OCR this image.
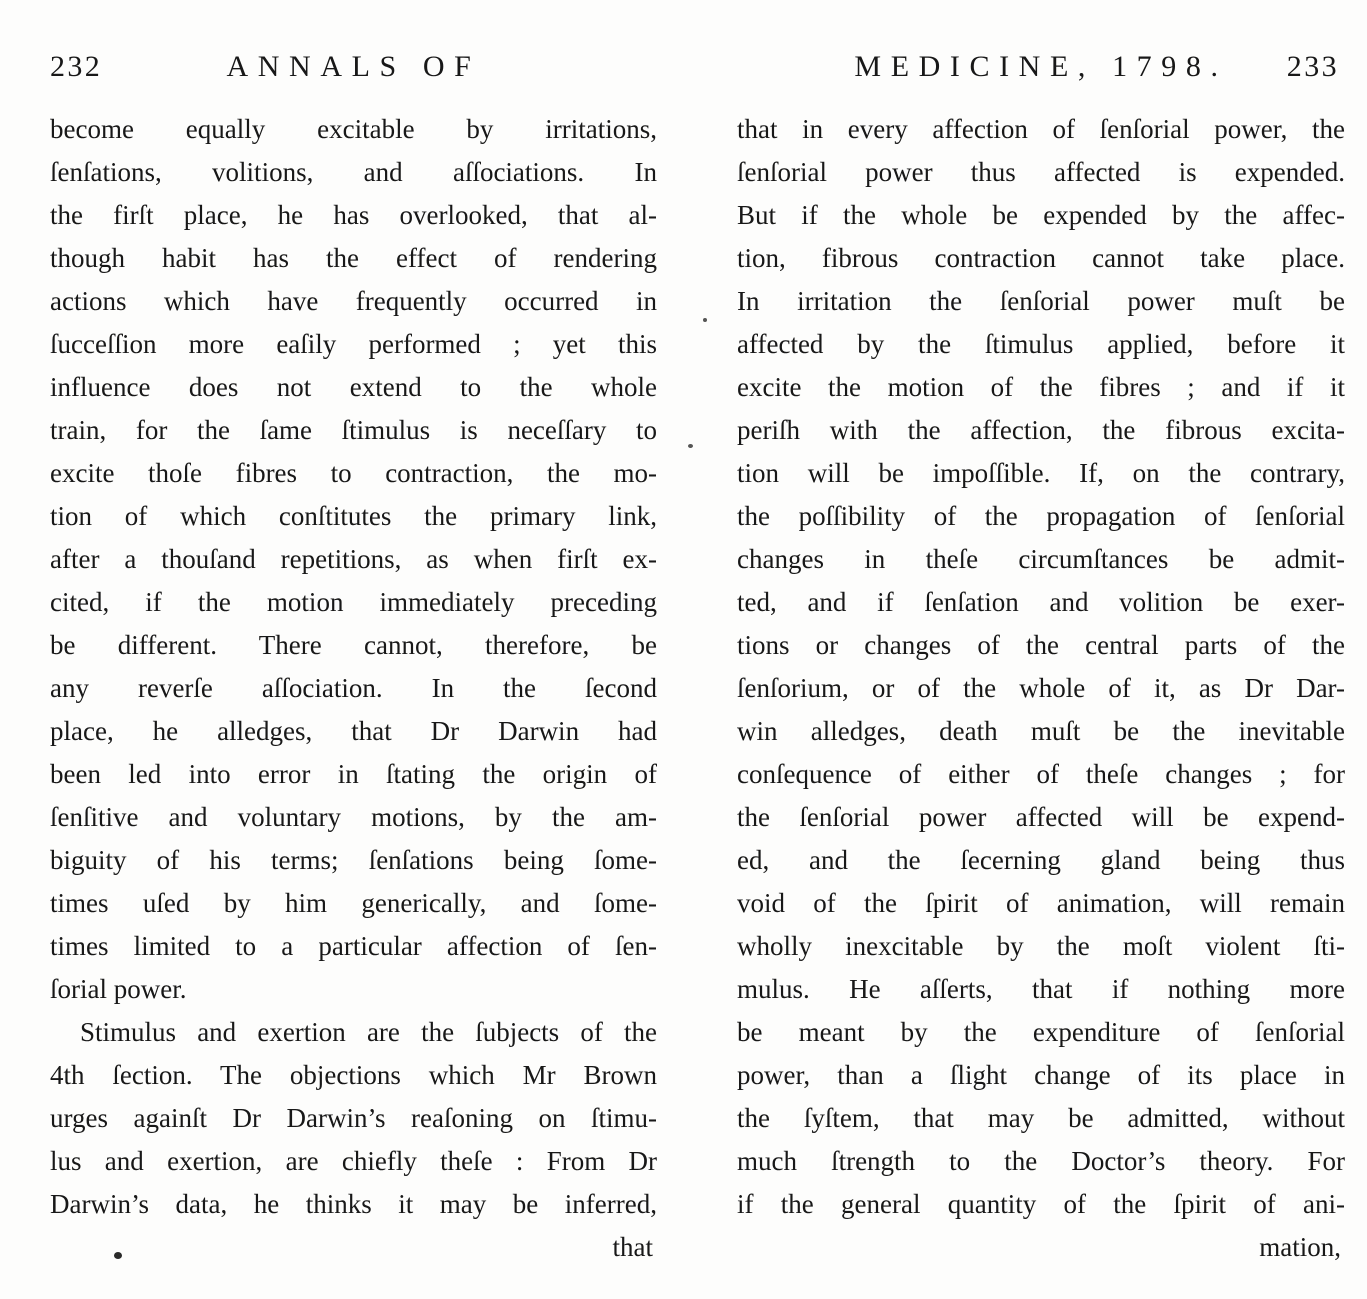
232	ANNALS OF
become equally excitable by irritations,
ſenſations, volitions, and aſſociations. In
the firſt place, he has overlooked, that al-
though habit has the effect of rendering
actions which have frequently occurred in
ſucceſſion more eaſily performed ; yet this
influence does not extend to the whole
train, for the ſame ſtimulus is neceſſary to
excite thoſe fibres to contraction, the mo-
tion of which conſtitutes the primary link,
after a thouſand repetitions, as when firſt ex-
cited, if the motion immediately preceding
be different. There cannot, therefore, be
any reverſe aſſociation. In the ſecond
place, he alledges, that Dr Darwin had
been led into error in ſtating the origin of
ſenſitive and voluntary motions, by the am-
biguity of his terms; ſenſations being ſome-
times uſed by him generically, and ſome-
times limited to a particular affection of ſen-
ſorial power.
Stimulus and exertion are the ſubjects of the
4th ſection. The objections which Mr Brown
urges againſt Dr Darwin’s reaſoning on ſtimu-
lus and exertion, are chiefly theſe : From Dr
Darwin’s data, he thinks it may be inferred,
that
MEDICINE, 1798.	233
that in every affection of ſenſorial power, the
ſenſorial power thus affected is expended.
But if the whole be expended by the affec-
tion, fibrous contraction cannot take place.
In irritation the ſenſorial power muſt be
affected by the ſtimulus applied, before it
excite the motion of the fibres ; and if it
periſh with the affection, the fibrous excita-
tion will be impoſſible. If, on the contrary,
the poſſibility of the propagation of ſenſorial
changes in theſe circumſtances be admit-
ted, and if ſenſation and volition be exer-
tions or changes of the central parts of the
ſenſorium, or of the whole of it, as Dr Dar-
win alledges, death muſt be the inevitable
conſequence of either of theſe changes ; for
the ſenſorial power affected will be expend-
ed, and the ſecerning gland being thus
void of the ſpirit of animation, will remain
wholly inexcitable by the moſt violent ſti-
mulus. He aſſerts, that if nothing more
be meant by the expenditure of ſenſorial
power, than a ſlight change of its place in
the ſyſtem, that may be admitted, without
much ſtrength to the Doctor’s theory. For
if the general quantity of the ſpirit of ani-
mation,
